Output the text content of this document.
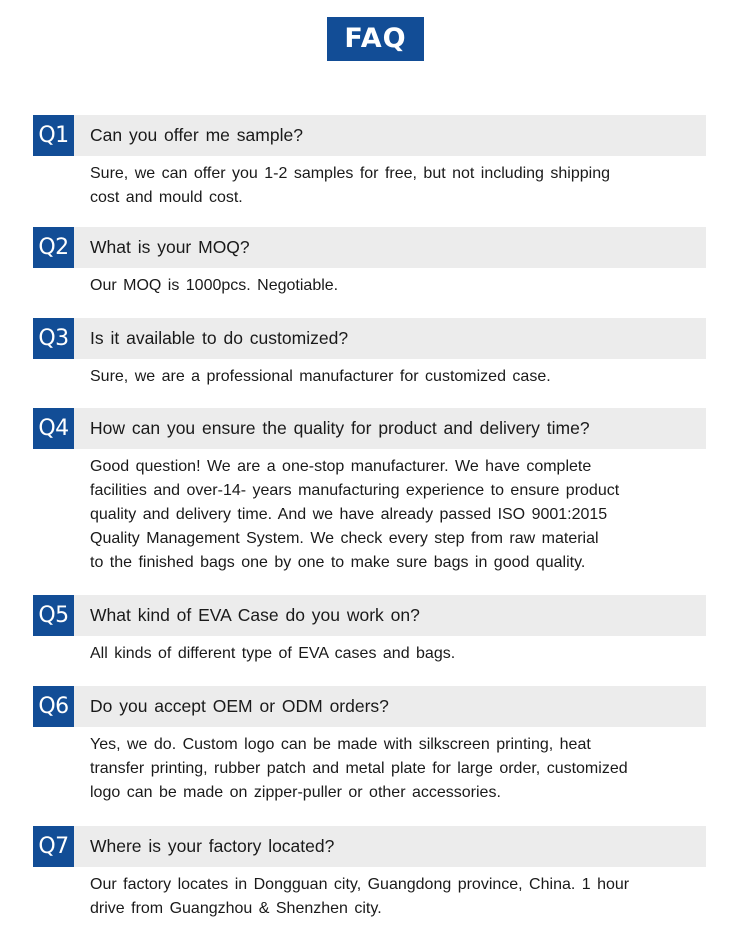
FAQ
Q1	Can you offer me sample?

Sure, we can offer you 1-2 samples for free, but not including shipping
cost and mould cost.

Q2	What is your MOQ?

Our MOQ is 1000pcs. Negotiable.

Q3	Is it available to do customized?

Sure, we are a professional manufacturer for customized case.

Q4	How can you ensure the quality for product and delivery time?

Good question! We are a one-stop manufacturer. We have complete
facilities and over-14- years manufacturing experience to ensure product
quality and delivery time. And we have already passed ISO 9001:2015
Quality Management System. We check every step from raw material
to the finished bags one by one to make sure bags in good quality.

Q5	What kind of EVA Case do you work on?

All kinds of different type of EVA cases and bags.

Q6	Do you accept OEM or ODM orders?

Yes, we do. Custom logo can be made with silkscreen printing, heat
transfer printing, rubber patch and metal plate for large order, customized
logo can be made on zipper-puller or other accessories.

Q7	Where is your factory located?

Our factory locates in Dongguan city, Guangdong province, China. 1 hour
drive from Guangzhou & Shenzhen city.
